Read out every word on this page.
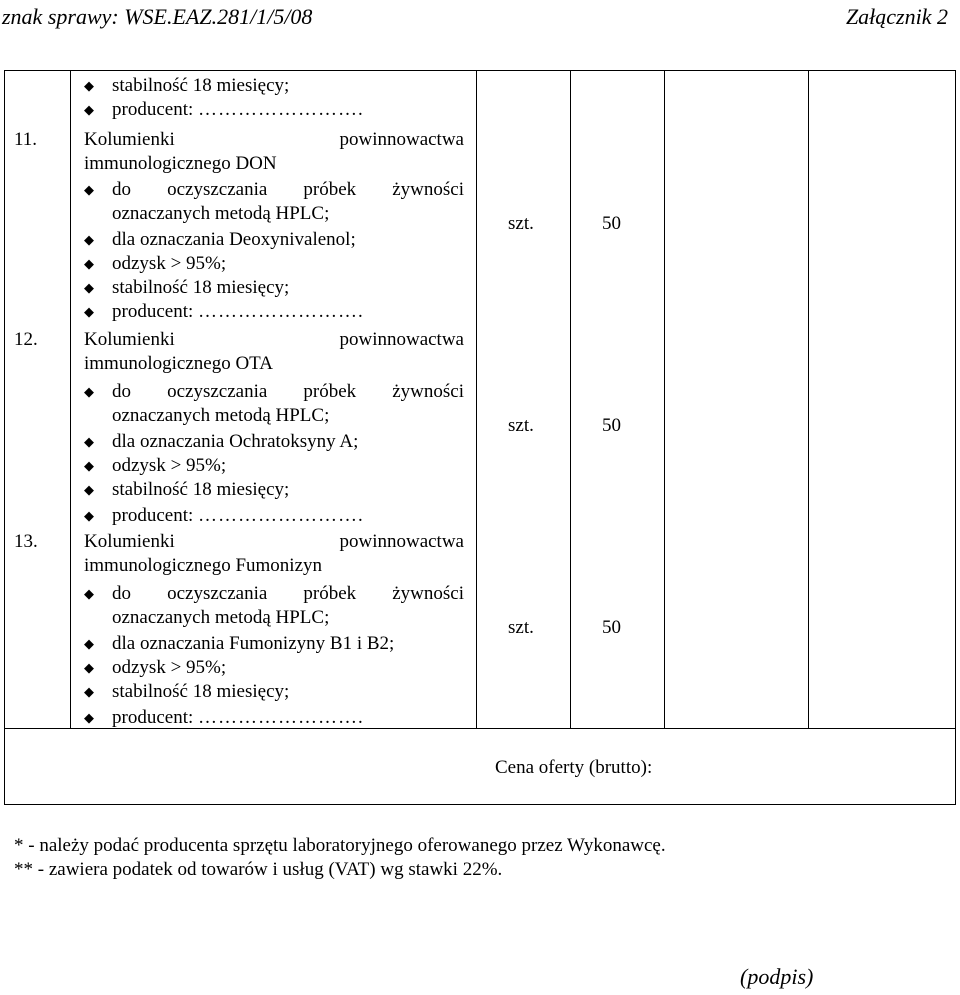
znak sprawy: WSE.EAZ.281/1/5/08	Załącznik 2
◆ stabilność 18 miesięcy;
◆ producent: …………………….
11. Kolumienki	powinnowactwa
immunologicznego DON
◆ do oczyszczania próbek żywności
oznaczanych metodą HPLC;
◆ dla oznaczania Deoxynivalenol;
◆ odzysk > 95%;
◆ stabilność 18 miesięcy;
◆ producent: …………………….
szt.	50
12. Kolumienki	powinnowactwa
immunologicznego OTA
◆ do oczyszczania próbek żywności
oznaczanych metodą HPLC;
◆ dla oznaczania Ochratoksyny A;
◆ odzysk > 95%;
◆ stabilność 18 miesięcy;
◆ producent: …………………….
szt.	50
13. Kolumienki	powinnowactwa
immunologicznego Fumonizyn
◆ do oczyszczania próbek żywności
oznaczanych metodą HPLC;
◆ dla oznaczania Fumonizyny B1 i B2;
◆ odzysk > 95%;
◆ stabilność 18 miesięcy;
◆ producent: …………………….
szt.	50
Cena oferty (brutto):
* - należy podać producenta sprzętu laboratoryjnego oferowanego przez Wykonawcę.
** - zawiera podatek od towarów i usług (VAT) wg stawki 22%.
(podpis)
